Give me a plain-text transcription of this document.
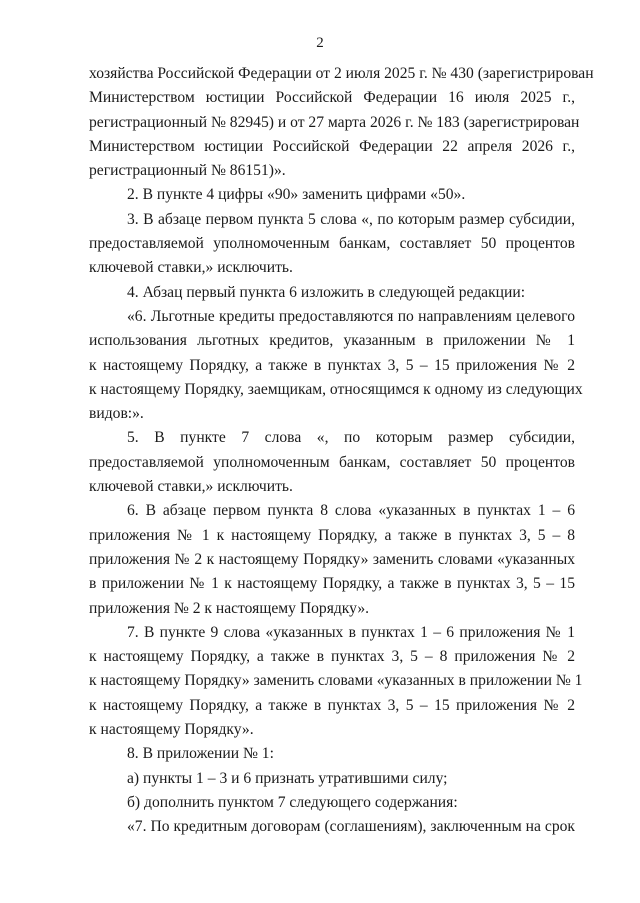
2
хозяйства Российской Федерации от 2 июля 2025 г. № 430 (зарегистрирован
Министерством юстиции Российской Федерации 16 июля 2025 г.,
регистрационный № 82945) и от 27 марта 2026 г. № 183 (зарегистрирован
Министерством юстиции Российской Федерации 22 апреля 2026 г.,
регистрационный № 86151)».
2. В пункте 4 цифры «90» заменить цифрами «50».
3. В абзаце первом пункта 5 слова «, по которым размер субсидии,
предоставляемой уполномоченным банкам, составляет 50 процентов
ключевой ставки,» исключить.
4. Абзац первый пункта 6 изложить в следующей редакции:
«6. Льготные кредиты предоставляются по направлениям целевого
использования льготных кредитов, указанным в приложении № 1
к настоящему Порядку, а также в пунктах 3, 5 – 15 приложения № 2
к настоящему Порядку, заемщикам, относящимся к одному из следующих
видов:».
5. В пункте 7 слова «, по которым размер субсидии,
предоставляемой уполномоченным банкам, составляет 50 процентов
ключевой ставки,» исключить.
6. В абзаце первом пункта 8 слова «указанных в пунктах 1 – 6
приложения № 1 к настоящему Порядку, а также в пунктах 3, 5 – 8
приложения № 2 к настоящему Порядку» заменить словами «указанных
в приложении № 1 к настоящему Порядку, а также в пунктах 3, 5 – 15
приложения № 2 к настоящему Порядку».
7. В пункте 9 слова «указанных в пунктах 1 – 6 приложения № 1
к настоящему Порядку, а также в пунктах 3, 5 – 8 приложения № 2
к настоящему Порядку» заменить словами «указанных в приложении № 1
к настоящему Порядку, а также в пунктах 3, 5 – 15 приложения № 2
к настоящему Порядку».
8. В приложении № 1:
а) пункты 1 – 3 и 6 признать утратившими силу;
б) дополнить пунктом 7 следующего содержания:
«7. По кредитным договорам (соглашениям), заключенным на срок
